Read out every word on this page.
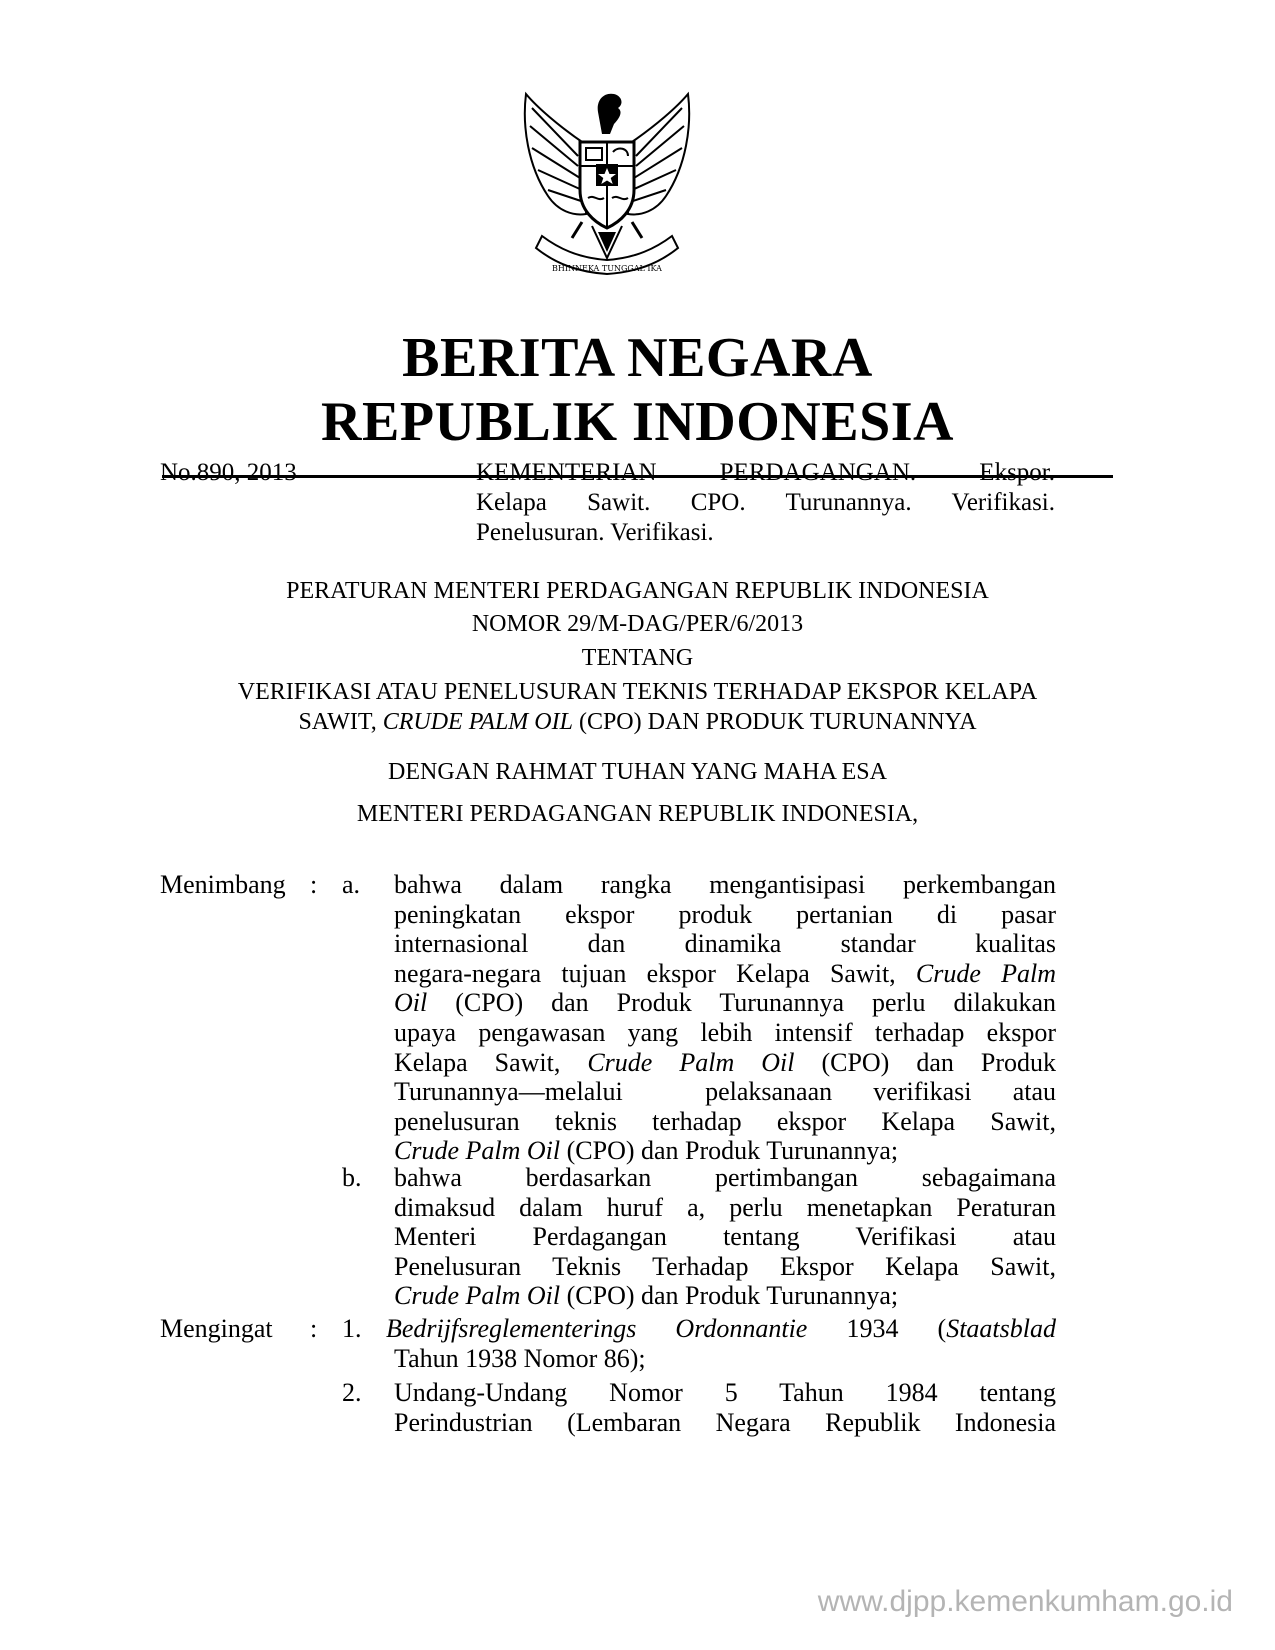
BHINNEKA TUNGGAL IKA
BERITA NEGARA
REPUBLIK INDONESIA
No.890, 2013	KEMENTERIAN PERDAGANGAN. Ekspor.
Kelapa Sawit. CPO. Turunannya. Verifikasi.
Penelusuran. Verifikasi.
PERATURAN MENTERI PERDAGANGAN REPUBLIK INDONESIA
NOMOR 29/M-DAG/PER/6/2013
TENTANG
VERIFIKASI ATAU PENELUSURAN TEKNIS TERHADAP EKSPOR KELAPA
SAWIT, CRUDE PALM OIL (CPO) DAN PRODUK TURUNANNYA
DENGAN RAHMAT TUHAN YANG MAHA ESA
MENTERI PERDAGANGAN REPUBLIK INDONESIA,
Menimbang : a. bahwa dalam rangka mengantisipasi perkembangan
peningkatan ekspor produk pertanian di pasar
internasional dan dinamika standar kualitas
negara-negara tujuan ekspor Kelapa Sawit, Crude Palm
Oil (CPO) dan Produk Turunannya perlu dilakukan
upaya pengawasan yang lebih intensif terhadap ekspor
Kelapa Sawit, Crude Palm Oil (CPO) dan Produk
Turunannya—melalui  pelaksanaan verifikasi atau
penelusuran teknis terhadap ekspor Kelapa Sawit,
Crude Palm Oil (CPO) dan Produk Turunannya;
b. bahwa berdasarkan pertimbangan sebagaimana
dimaksud dalam huruf a, perlu menetapkan Peraturan
Menteri Perdagangan tentang Verifikasi atau
Penelusuran Teknis Terhadap Ekspor Kelapa Sawit,
Crude Palm Oil (CPO) dan Produk Turunannya;
Mengingat : 1. Bedrijfsreglementerings Ordonnantie 1934 (Staatsblad
Tahun 1938 Nomor 86);
2. Undang-Undang Nomor 5 Tahun 1984 tentang
Perindustrian (Lembaran Negara Republik Indonesia
www.djpp.kemenkumham.go.id
